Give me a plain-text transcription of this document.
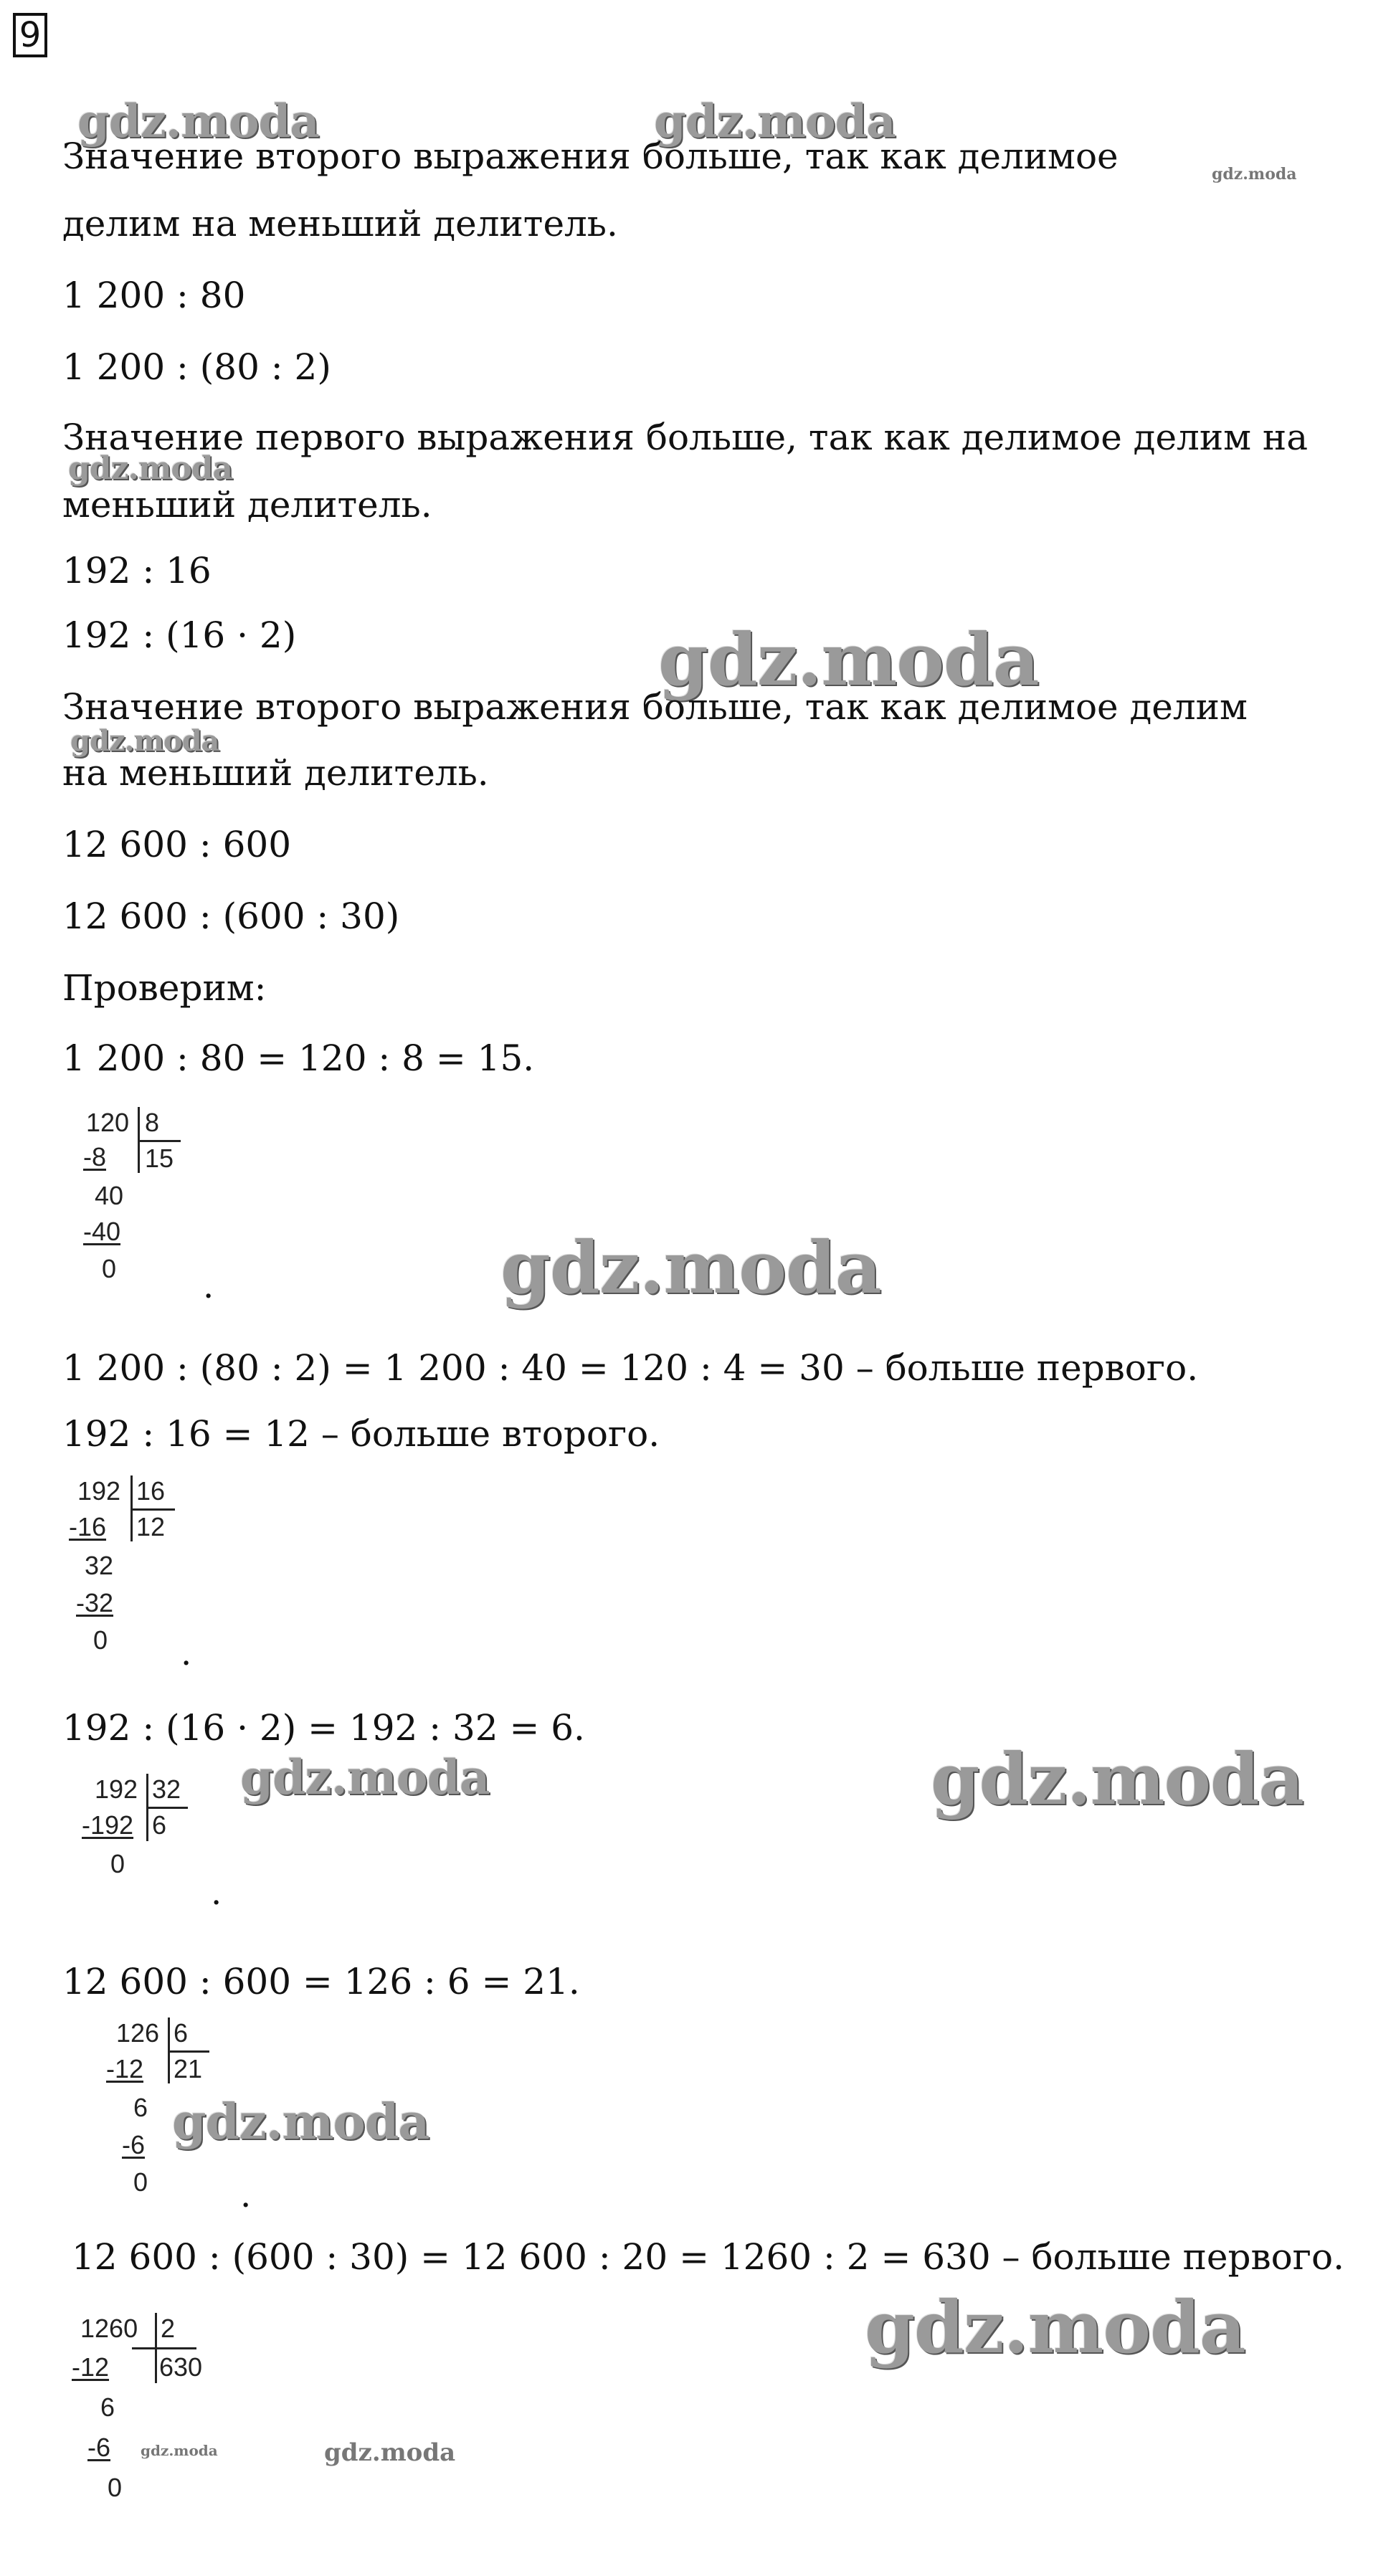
9
gdz.moda	gdz.moda
gdz.moda
gdz.moda
gdz.moda
gdz.moda
gdz.moda
gdz.moda	gdz.moda
gdz.moda
gdz.moda
gdz.moda	gdz.moda
Значение второго выражения больше, так как делимое
делим на меньший делитель.
1 200 : 80
1 200 : (80 : 2)
Значение первого выражения больше, так как делимое делим на
меньший делитель.
192 : 16
192 : (16 · 2)
Значение второго выражения больше, так как делимое делим
на меньший делитель.
12 600 : 600
12 600 : (600 : 30)
Проверим:
1 200 : 80 = 120 : 8 = 15.
1 200 : (80 : 2) = 1 200 : 40 = 120 : 4 = 30 – больше первого.
192 : 16 = 12 – больше второго.
192 : (16 · 2) = 192 : 32 = 6.
12 600 : 600 = 126 : 6 = 21.
12 600 : (600 : 30) = 12 600 : 20 = 1260 : 2 = 630 – больше первого.
120 8
15
-8
40
-40
0	.
192 16
12
-16
32
-32
0 .
192 32
6
-192
0
.
126 6
21
-12
6
-6
0	.
1260 2
630
-12
6
-6
0
